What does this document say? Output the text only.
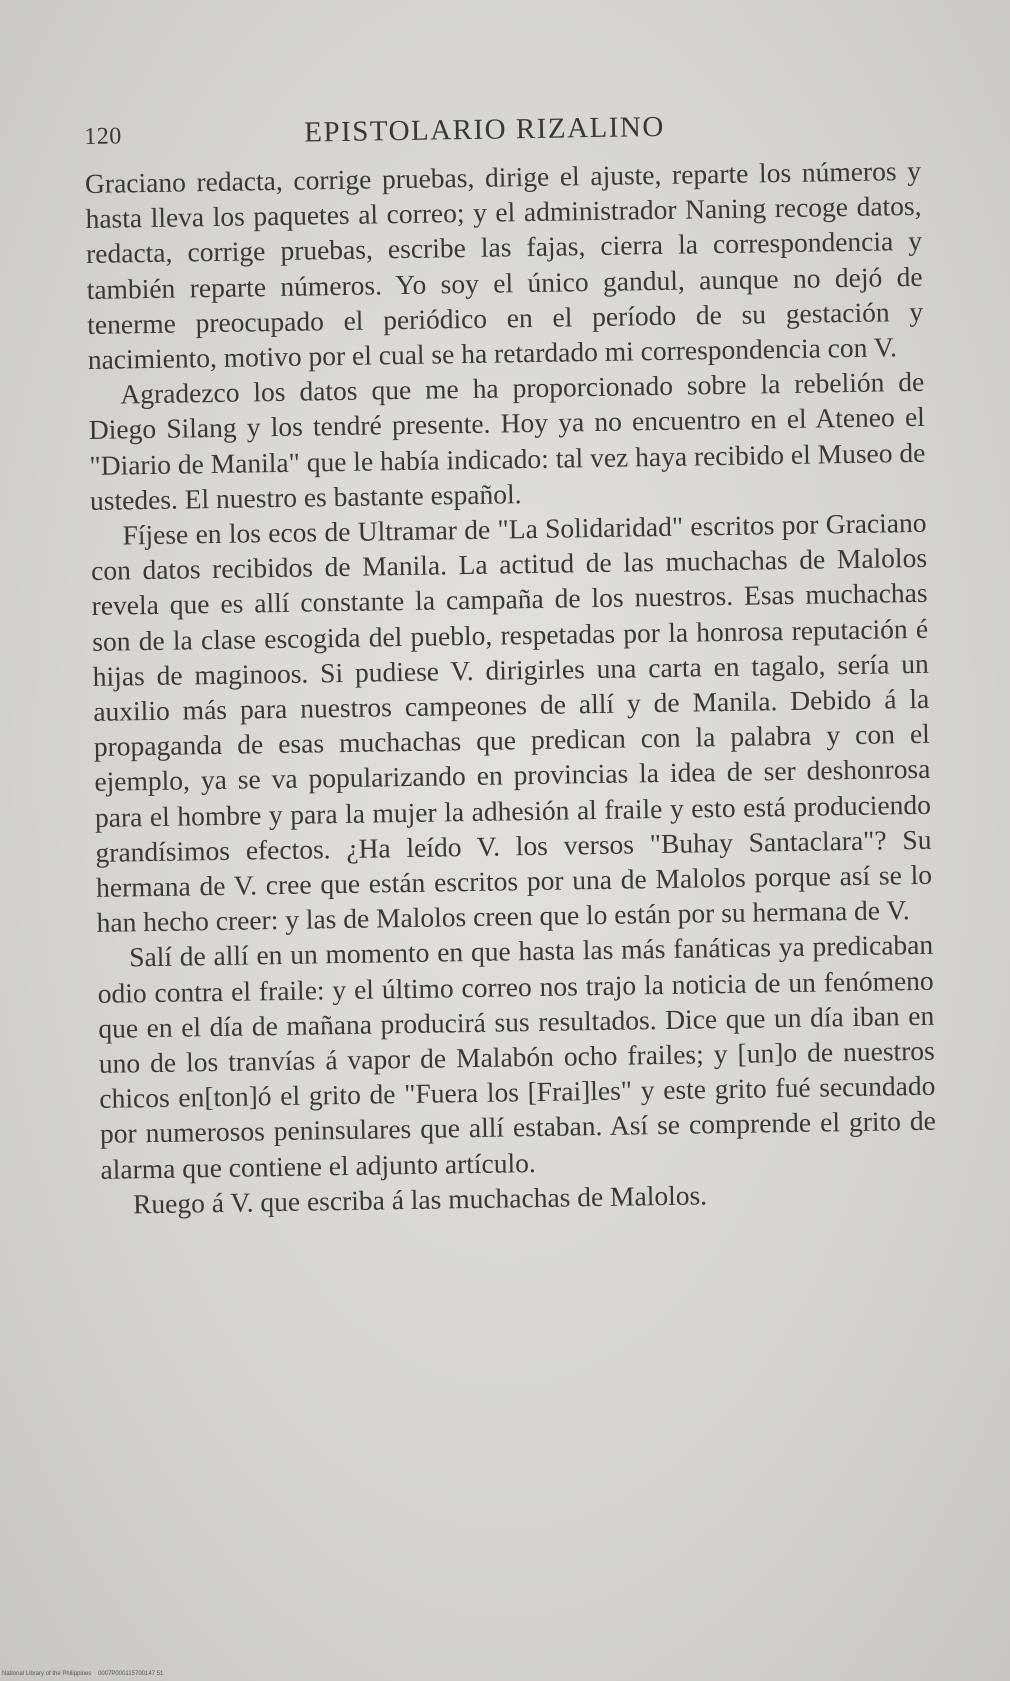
120	EPISTOLARIO RIZALINO

Graciano redacta, corrige pruebas, dirige el ajuste, reparte los números y hasta lleva los paquetes al correo; y el administrador Naning recoge datos, redacta, corrige pruebas, escribe las fajas, cierra la correspondencia y también reparte números. Yo soy el único gandul, aunque no dejó de tenerme preocupado el periódico en el período de su gestación y nacimiento, motivo por el cual se ha retardado mi correspondencia con V.

Agradezco los datos que me ha proporcionado sobre la rebelión de Diego Silang y los tendré presente. Hoy ya no encuentro en el Ateneo el "Diario de Manila" que le había indicado: tal vez haya recibido el Museo de ustedes. El nuestro es bastante español.

Fíjese en los ecos de Ultramar de "La Solidaridad" escritos por Graciano con datos recibidos de Manila. La actitud de las muchachas de Malolos revela que es allí constante la campaña de los nuestros. Esas muchachas son de la clase escogida del pueblo, respetadas por la honrosa reputación é hijas de maginoos. Si pudiese V. dirigirles una carta en tagalo, sería un auxilio más para nuestros campeones de allí y de Manila. Debido á la propaganda de esas muchachas que predican con la palabra y con el ejemplo, ya se va popularizando en provincias la idea de ser deshonrosa para el hombre y para la mujer la adhesión al fraile y esto está produciendo grandísimos efectos. ¿Ha leído V. los versos "Buhay Santaclara"? Su hermana de V. cree que están escritos por una de Malolos porque así se lo han hecho creer: y las de Malolos creen que lo están por su hermana de V.

Salí de allí en un momento en que hasta las más fanáticas ya predicaban odio contra el fraile: y el último correo nos trajo la noticia de un fenómeno que en el día de mañana producirá sus resultados. Dice que un día iban en uno de los tranvías á vapor de Malabón ocho frailes; y [un]o de nuestros chicos en[ton]ó el grito de "Fuera los [Frai]les" y este grito fué secundado por numerosos peninsulares que allí estaban. Así se comprende el grito de alarma que contiene el adjunto artículo.

Ruego á V. que escriba á las muchachas de Malolos.

National Library of the Philippines    0007P000115700147 51
